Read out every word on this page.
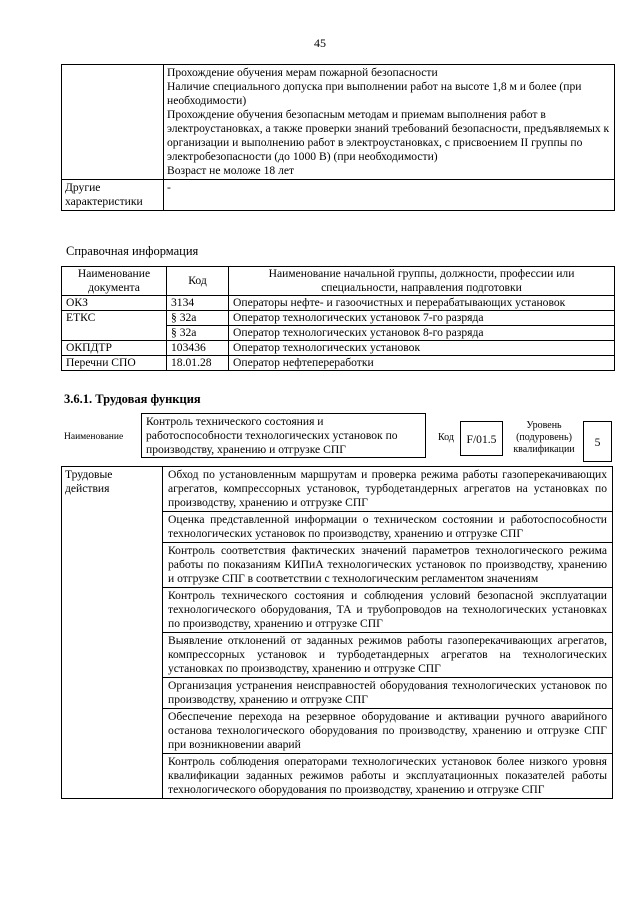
45

	Прохождение обучения мерам пожарной безопасности
Наличие специального допуска при выполнении работ на высоте 1,8 м и более (при необходимости)
Прохождение обучения безопасным методам и приемам выполнения работ в электроустановках, а также проверки знаний требований безопасности, предъявляемых к организации и выполнению работ в электроустановках, с присвоением II группы по электробезопасности (до 1000 В) (при необходимости)
Возраст не моложе 18 лет

Другие характеристики	-
Справочная информация
Наименование документа	Код	Наименование начальной группы, должности, профессии или специальности, направления подготовки
ОКЗ	3134	Операторы нефте- и газоочистных и перерабатывающих установок
ЕТКС	§ 32а	Оператор технологических установок 7-го разряда
	§ 32а	Оператор технологических установок 8-го разряда
ОКПДТР	103436	Оператор технологических установок
Перечни СПО	18.01.28	Оператор нефтепереработки
3.6.1. Трудовая функция
Наименование
Контроль технического состояния и работоспособности технологических установок по производству, хранению и отгрузке СПГ
Код	F/01.5
Уровень (подуровень) квалификации
5
Трудовые действия	Обход по установленным маршрутам и проверка режима работы газоперекачивающих агрегатов, компрессорных установок, турбодетандерных агрегатов на установках по производству, хранению и отгрузке СПГ
Оценка представленной информации о техническом состоянии и работоспособности технологических установок по производству, хранению и отгрузке СПГ
Контроль соответствия фактических значений параметров технологического режима работы по показаниям КИПиА технологических установок по производству, хранению и отгрузке СПГ в соответствии с технологическим регламентом значениям
Контроль технического состояния и соблюдения условий безопасной эксплуатации технологического оборудования, ТА и трубопроводов на технологических установках по производству, хранению и отгрузке СПГ
Выявление отклонений от заданных режимов работы газоперекачивающих агрегатов, компрессорных установок и турбодетандерных агрегатов на технологических установках по производству, хранению и отгрузке СПГ
Организация устранения неисправностей оборудования технологических установок по производству, хранению и отгрузке СПГ
Обеспечение перехода на резервное оборудование и активации ручного аварийного останова технологического оборудования по производству, хранению и отгрузке СПГ при возникновении аварий
Контроль соблюдения операторами технологических установок более низкого уровня квалификации заданных режимов работы и эксплуатационных показателей работы технологического оборудования по производству, хранению и отгрузке СПГ
